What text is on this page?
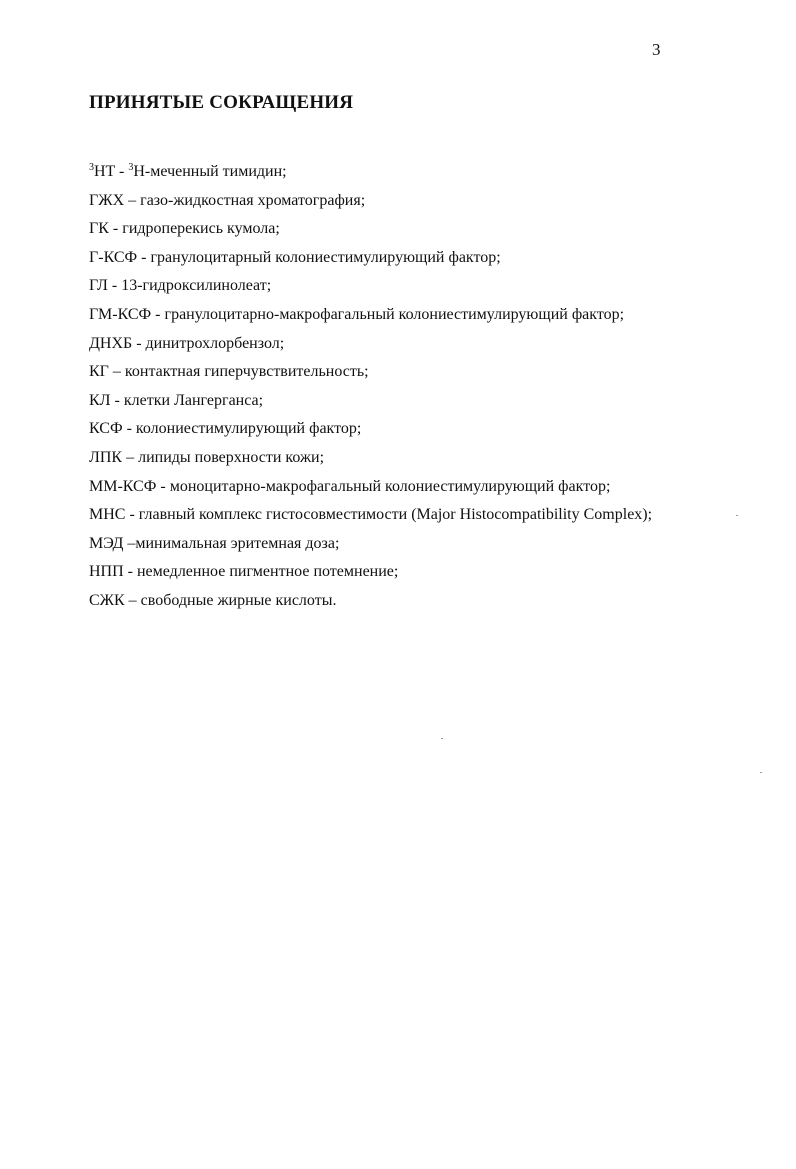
3
ПРИНЯТЫЕ СОКРАЩЕНИЯ
$^3$HT - $^3$H-меченный тимидин;
ГЖХ – газо-жидкостная хроматография;
ГК - гидроперекись кумола;
Г-КСФ - гранулоцитарный колониестимулирующий фактор;
ГЛ - 13-гидроксилинолеат;
ГМ-КСФ - гранулоцитарно-макрофагальный колониестимулирующий фактор;
ДНХБ - динитрохлорбензол;
КГ – контактная гиперчувствительность;
КЛ - клетки Лангерганса;
КСФ - колониестимулирующий фактор;
ЛПК – липиды поверхности кожи;
ММ-КСФ - моноцитарно-макрофагальный колониестимулирующий фактор;
МНС - главный комплекс гистосовместимости (Major Histocompatibility Complex);
МЭД –минимальная эритемная доза;
НПП - немедленное пигментное потемнение;
СЖК – свободные жирные кислоты.
